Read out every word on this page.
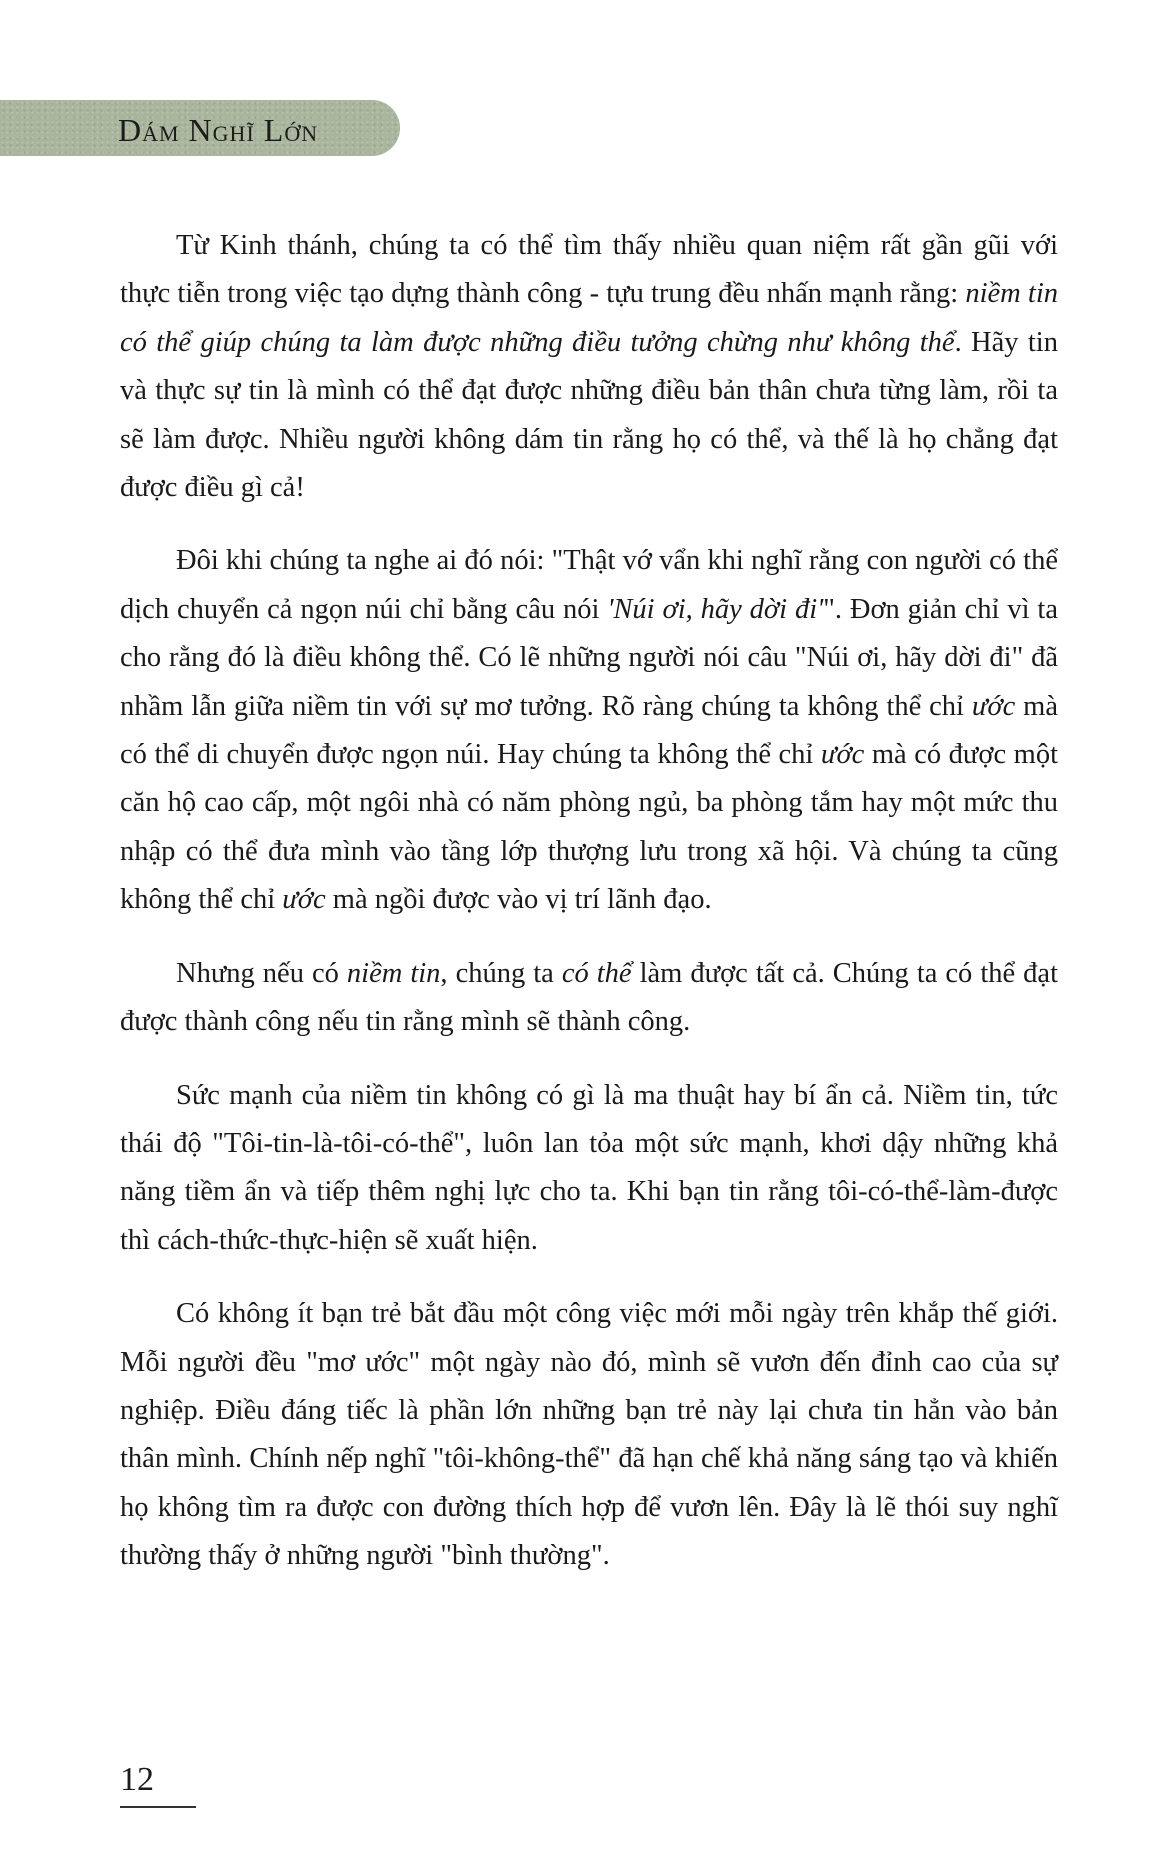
Dám Nghĩ Lớn

Từ Kinh thánh, chúng ta có thể tìm thấy nhiều quan niệm rất gần gũi với thực tiễn trong việc tạo dựng thành công - tựu trung đều nhấn mạnh rằng: niềm tin có thể giúp chúng ta làm được những điều tưởng chừng như không thể. Hãy tin và thực sự tin là mình có thể đạt được những điều bản thân chưa từng làm, rồi ta sẽ làm được. Nhiều người không dám tin rằng họ có thể, và thế là họ chẳng đạt được điều gì cả!

Đôi khi chúng ta nghe ai đó nói: "Thật vớ vẩn khi nghĩ rằng con người có thể dịch chuyển cả ngọn núi chỉ bằng câu nói 'Núi ơi, hãy dời đi'". Đơn giản chỉ vì ta cho rằng đó là điều không thể. Có lẽ những người nói câu "Núi ơi, hãy dời đi" đã nhầm lẫn giữa niềm tin với sự mơ tưởng. Rõ ràng chúng ta không thể chỉ ước mà có thể di chuyển được ngọn núi. Hay chúng ta không thể chỉ ước mà có được một căn hộ cao cấp, một ngôi nhà có năm phòng ngủ, ba phòng tắm hay một mức thu nhập có thể đưa mình vào tầng lớp thượng lưu trong xã hội. Và chúng ta cũng không thể chỉ ước mà ngồi được vào vị trí lãnh đạo.

Nhưng nếu có niềm tin, chúng ta có thể làm được tất cả. Chúng ta có thể đạt được thành công nếu tin rằng mình sẽ thành công.

Sức mạnh của niềm tin không có gì là ma thuật hay bí ẩn cả. Niềm tin, tức thái độ "Tôi-tin-là-tôi-có-thể", luôn lan tỏa một sức mạnh, khơi dậy những khả năng tiềm ẩn và tiếp thêm nghị lực cho ta. Khi bạn tin rằng tôi-có-thể-làm-được thì cách-thức-thực-hiện sẽ xuất hiện.

Có không ít bạn trẻ bắt đầu một công việc mới mỗi ngày trên khắp thế giới. Mỗi người đều "mơ ước" một ngày nào đó, mình sẽ vươn đến đỉnh cao của sự nghiệp. Điều đáng tiếc là phần lớn những bạn trẻ này lại chưa tin hẳn vào bản thân mình. Chính nếp nghĩ "tôi-không-thể" đã hạn chế khả năng sáng tạo và khiến họ không tìm ra được con đường thích hợp để vươn lên. Đây là lẽ thói suy nghĩ thường thấy ở những người "bình thường".

12
